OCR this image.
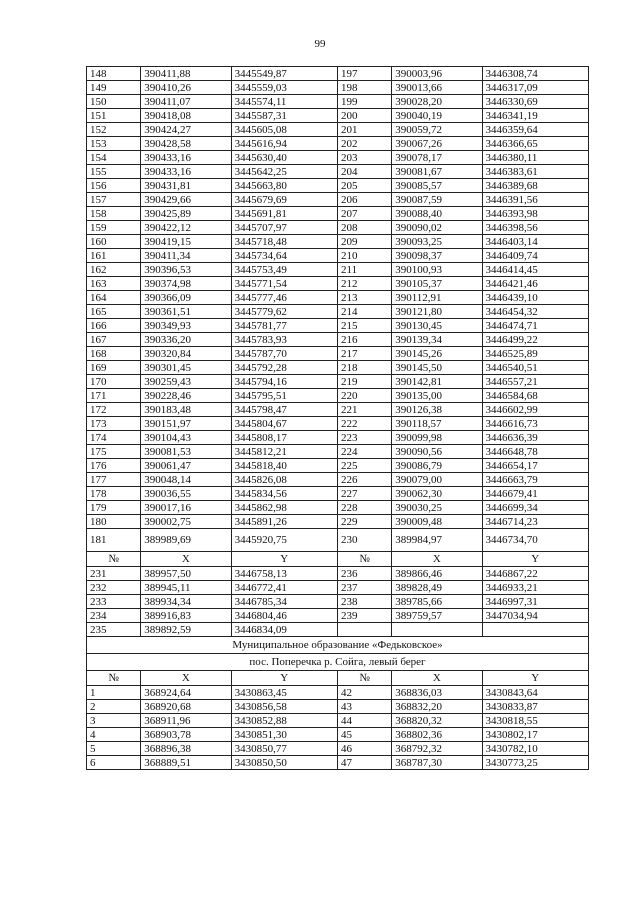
99
148	390411,88	3445549,87	197	390003,96	3446308,74
149	390410,26	3445559,03	198	390013,66	3446317,09
150	390411,07	3445574,11	199	390028,20	3446330,69
151	390418,08	3445587,31	200	390040,19	3446341,19
152	390424,27	3445605,08	201	390059,72	3446359,64
153	390428,58	3445616,94	202	390067,26	3446366,65
154	390433,16	3445630,40	203	390078,17	3446380,11
155	390433,16	3445642,25	204	390081,67	3446383,61
156	390431,81	3445663,80	205	390085,57	3446389,68
157	390429,66	3445679,69	206	390087,59	3446391,56
158	390425,89	3445691,81	207	390088,40	3446393,98
159	390422,12	3445707,97	208	390090,02	3446398,56
160	390419,15	3445718,48	209	390093,25	3446403,14
161	390411,34	3445734,64	210	390098,37	3446409,74
162	390396,53	3445753,49	211	390100,93	3446414,45
163	390374,98	3445771,54	212	390105,37	3446421,46
164	390366,09	3445777,46	213	390112,91	3446439,10
165	390361,51	3445779,62	214	390121,80	3446454,32
166	390349,93	3445781,77	215	390130,45	3446474,71
167	390336,20	3445783,93	216	390139,34	3446499,22
168	390320,84	3445787,70	217	390145,26	3446525,89
169	390301,45	3445792,28	218	390145,50	3446540,51
170	390259,43	3445794,16	219	390142,81	3446557,21
171	390228,46	3445795,51	220	390135,00	3446584,68
172	390183,48	3445798,47	221	390126,38	3446602,99
173	390151,97	3445804,67	222	390118,57	3446616,73
174	390104,43	3445808,17	223	390099,98	3446636,39
175	390081,53	3445812,21	224	390090,56	3446648,78
176	390061,47	3445818,40	225	390086,79	3446654,17
177	390048,14	3445826,08	226	390079,00	3446663,79
178	390036,55	3445834,56	227	390062,30	3446679,41
179	390017,16	3445862,98	228	390030,25	3446699,34
180	390002,75	3445891,26	229	390009,48	3446714,23
181	389989,69	3445920,75	230	389984,97	3446734,70
№	X	Y	№	X	Y
231	389957,50	3446758,13	236	389866,46	3446867,22
232	389945,11	3446772,41	237	389828,49	3446933,21
233	389934,34	3446785,34	238	389785,66	3446997,31
234	389916,83	3446804,46	239	389759,57	3447034,94
235	389892,59	3446834,09			
Муниципальное образование «Федьковское»					
пос. Поперечка р. Сойга, левый берег					
№	X	Y	№	X	Y
1	368924,64	3430863,45	42	368836,03	3430843,64
2	368920,68	3430856,58	43	368832,20	3430833,87
3	368911,96	3430852,88	44	368820,32	3430818,55
4	368903,78	3430851,30	45	368802,36	3430802,17
5	368896,38	3430850,77	46	368792,32	3430782,10
6	368889,51	3430850,50	47	368787,30	3430773,25
